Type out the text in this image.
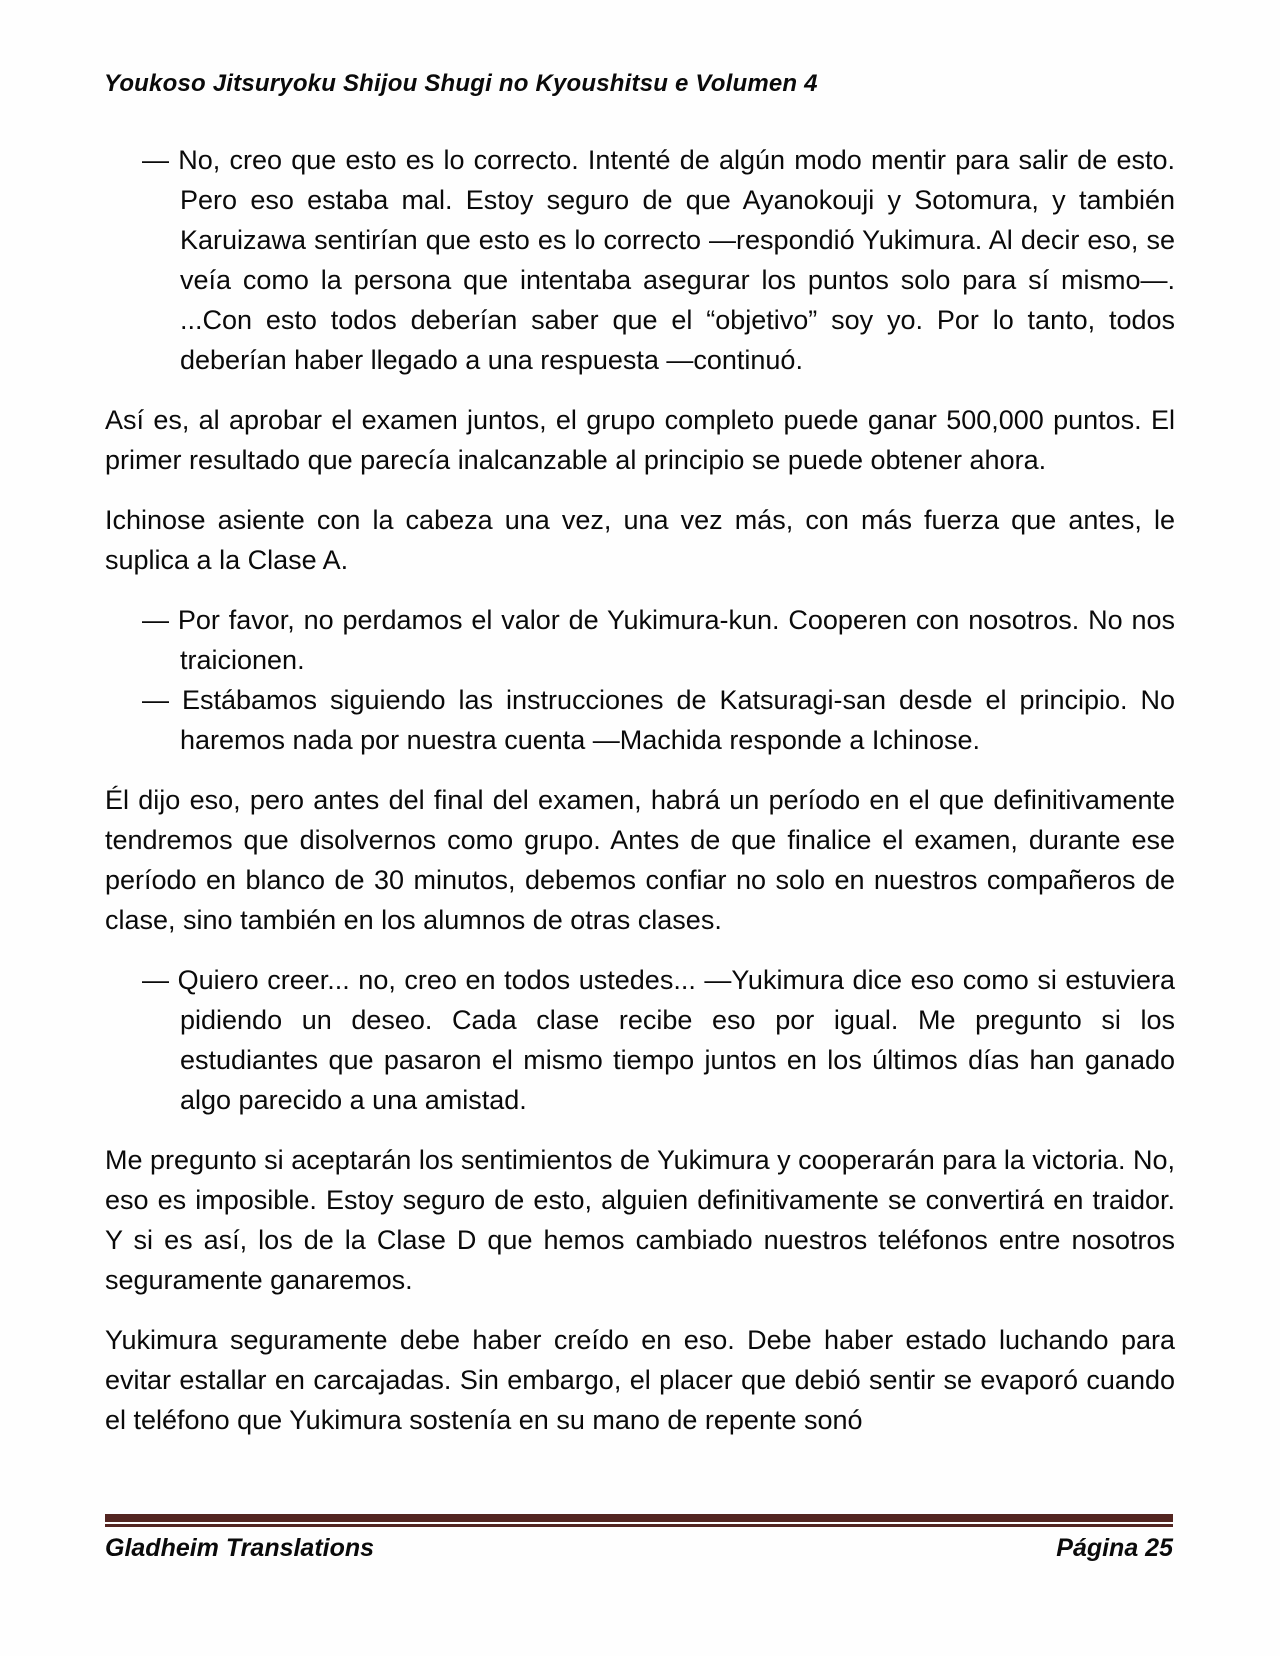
Youkoso Jitsuryoku Shijou Shugi no Kyoushitsu e Volumen 4
— No, creo que esto es lo correcto. Intenté de algún modo mentir para salir de esto. Pero eso estaba mal. Estoy seguro de que Ayanokouji y Sotomura, y también Karuizawa sentirían que esto es lo correcto —respondió Yukimura. Al decir eso, se veía como la persona que intentaba asegurar los puntos solo para sí mismo—. ...Con esto todos deberían saber que el “objetivo” soy yo. Por lo tanto, todos deberían haber llegado a una respuesta —continuó.
Así es, al aprobar el examen juntos, el grupo completo puede ganar 500,000 puntos. El primer resultado que parecía inalcanzable al principio se puede obtener ahora.
Ichinose asiente con la cabeza una vez, una vez más, con más fuerza que antes, le suplica a la Clase A.
— Por favor, no perdamos el valor de Yukimura-kun. Cooperen con nosotros. No nos traicionen.
— Estábamos siguiendo las instrucciones de Katsuragi-san desde el principio. No haremos nada por nuestra cuenta —Machida responde a Ichinose.
Él dijo eso, pero antes del final del examen, habrá un período en el que definitivamente tendremos que disolvernos como grupo. Antes de que finalice el examen, durante ese período en blanco de 30 minutos, debemos confiar no solo en nuestros compañeros de clase, sino también en los alumnos de otras clases.
— Quiero creer... no, creo en todos ustedes... —Yukimura dice eso como si estuviera pidiendo un deseo. Cada clase recibe eso por igual. Me pregunto si los estudiantes que pasaron el mismo tiempo juntos en los últimos días han ganado algo parecido a una amistad.
Me pregunto si aceptarán los sentimientos de Yukimura y cooperarán para la victoria. No, eso es imposible. Estoy seguro de esto, alguien definitivamente se convertirá en traidor. Y si es así, los de la Clase D que hemos cambiado nuestros teléfonos entre nosotros seguramente ganaremos.
Yukimura seguramente debe haber creído en eso. Debe haber estado luchando para evitar estallar en carcajadas. Sin embargo, el placer que debió sentir se evaporó cuando el teléfono que Yukimura sostenía en su mano de repente sonó
Gladheim Translations	Página 25
